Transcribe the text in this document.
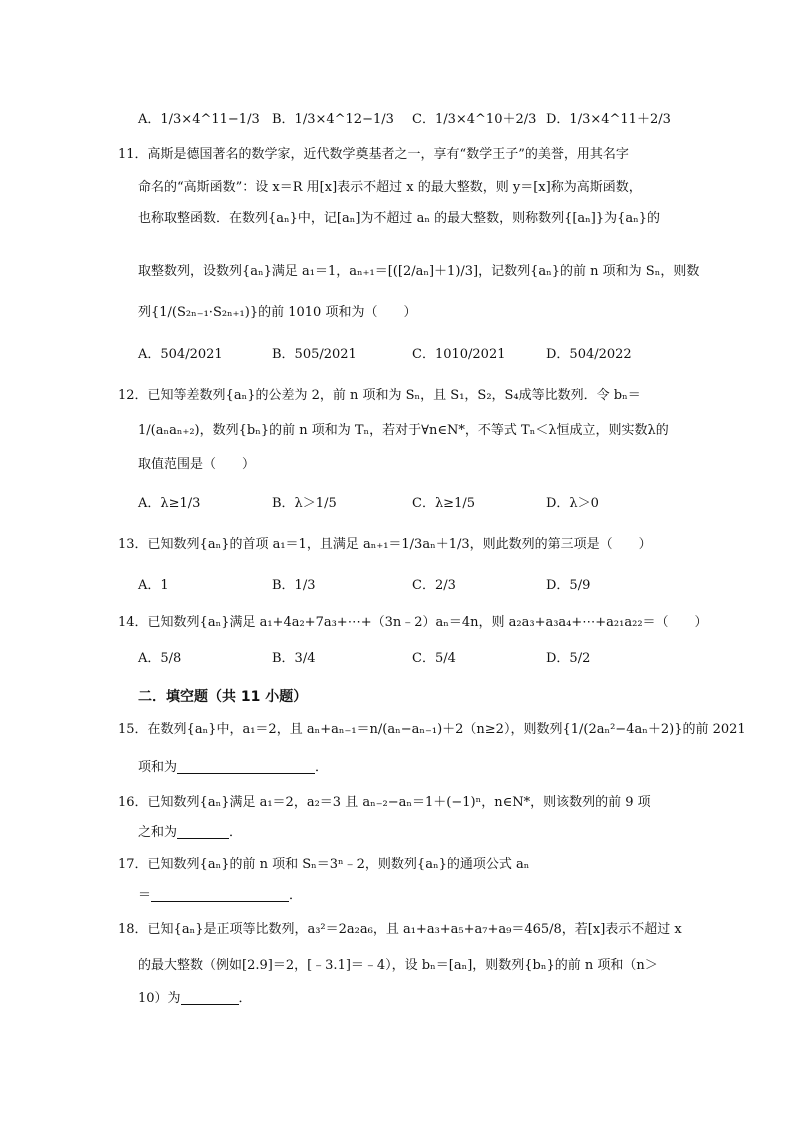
A．1/3×4^11−1/3 B．1/3×4^12−1/3 C．1/3×4^10＋2/3 D．1/3×4^11＋2/3
11．高斯是德国著名的数学家，近代数学奠基者之一，享有“数学王子”的美誉，用其名字
命名的“高斯函数”：设 x＝R 用[x]表示不超过 x 的最大整数，则 y＝[x]称为高斯函数，
也称取整函数．在数列{aₙ}中，记[aₙ]为不超过 aₙ 的最大整数，则称数列{[aₙ]}为{aₙ}的
取整数列，设数列{aₙ}满足 a₁＝1，aₙ₊₁＝[([2/aₙ]＋1)/3]，记数列{aₙ}的前 n 项和为 Sₙ，则数
列{1/(S₂ₙ₋₁·S₂ₙ₊₁)}的前 1010 项和为（　　）
A．504/2021	B．505/2021	C．1010/2021	D．504/2022
12．已知等差数列{aₙ}的公差为 2，前 n 项和为 Sₙ，且 S₁，S₂，S₄成等比数列．令 bₙ＝
1/(aₙaₙ₊₂)，数列{bₙ}的前 n 项和为 Tₙ，若对于∀n∈N*，不等式 Tₙ＜λ恒成立，则实数λ的
取值范围是（　　）
A．λ≥1/3	B．λ＞1/5	C．λ≥1/5	D．λ＞0
13．已知数列{aₙ}的首项 a₁＝1，且满足 aₙ₊₁＝1/3aₙ＋1/3，则此数列的第三项是（　　）
A．1	B．1/3	C．2/3	D．5/9
14．已知数列{aₙ}满足 a₁+4a₂+7a₃+⋯+（3n﹣2）aₙ＝4n，则 a₂a₃+a₃a₄+⋯+a₂₁a₂₂＝（　　）
A．5/8	B．3/4	C．5/4	D．5/2
二．填空题（共 11 小题）
15．在数列{aₙ}中，a₁＝2，且 aₙ+aₙ₋₁＝n/(aₙ−aₙ₋₁)＋2（n≥2），则数列{1/(2aₙ²−4aₙ＋2)}的前 2021
项和为	．
16．已知数列{aₙ}满足 a₁＝2，a₂＝3 且 aₙ₋₂−aₙ＝1＋(−1)ⁿ，n∈N*，则该数列的前 9 项
之和为	．
17．已知数列{aₙ}的前 n 项和 Sₙ＝3ⁿ﹣2，则数列{aₙ}的通项公式 aₙ
＝	．
18．已知{aₙ}是正项等比数列，a₃²＝2a₂a₆，且 a₁+a₃+a₅+a₇+a₉＝465/8，若[x]表示不超过 x
的最大整数（例如[2.9]＝2，[﹣3.1]＝﹣4），设 bₙ＝[aₙ]，则数列{bₙ}的前 n 项和（n＞
10）为	．
